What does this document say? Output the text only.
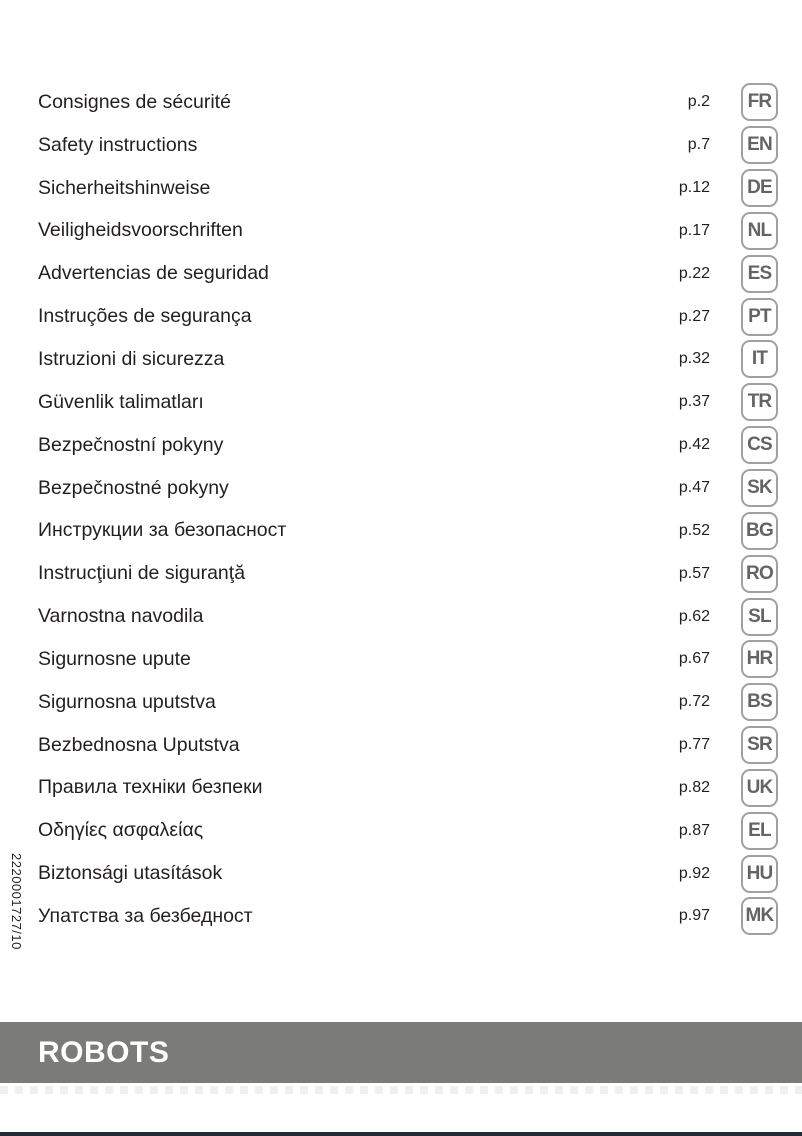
2220001727/10
Consignes de sécurité	p.2	FR
Safety instructions	p.7	EN
Sicherheitshinweise	p.12	DE
Veiligheidsvoorschriften	p.17	NL
Advertencias de seguridad	p.22	ES
Instruções de segurança	p.27	PT
Istruzioni di sicurezza	p.32	IT
Güvenlik talimatları	p.37	TR
Bezpečnostní pokyny	p.42	CS
Bezpečnostné pokyny	p.47	SK
Инструкции за безопасност	p.52 BG
Instrucţiuni de siguranţă	p.57 RO
Varnostna navodila	p.62	SL
Sigurnosne upute	p.67 HR
Sigurnosna uputstva	p.72	BS
Bezbednosna Uputstva	p.77	SR
Правила техніки безпеки	p.82 UK
Οδηγίες ασφαλείας	p.87	EL
Biztonsági utasítások	p.92 HU
Упатства за безбедност	p.97 MK
ROBOTS
